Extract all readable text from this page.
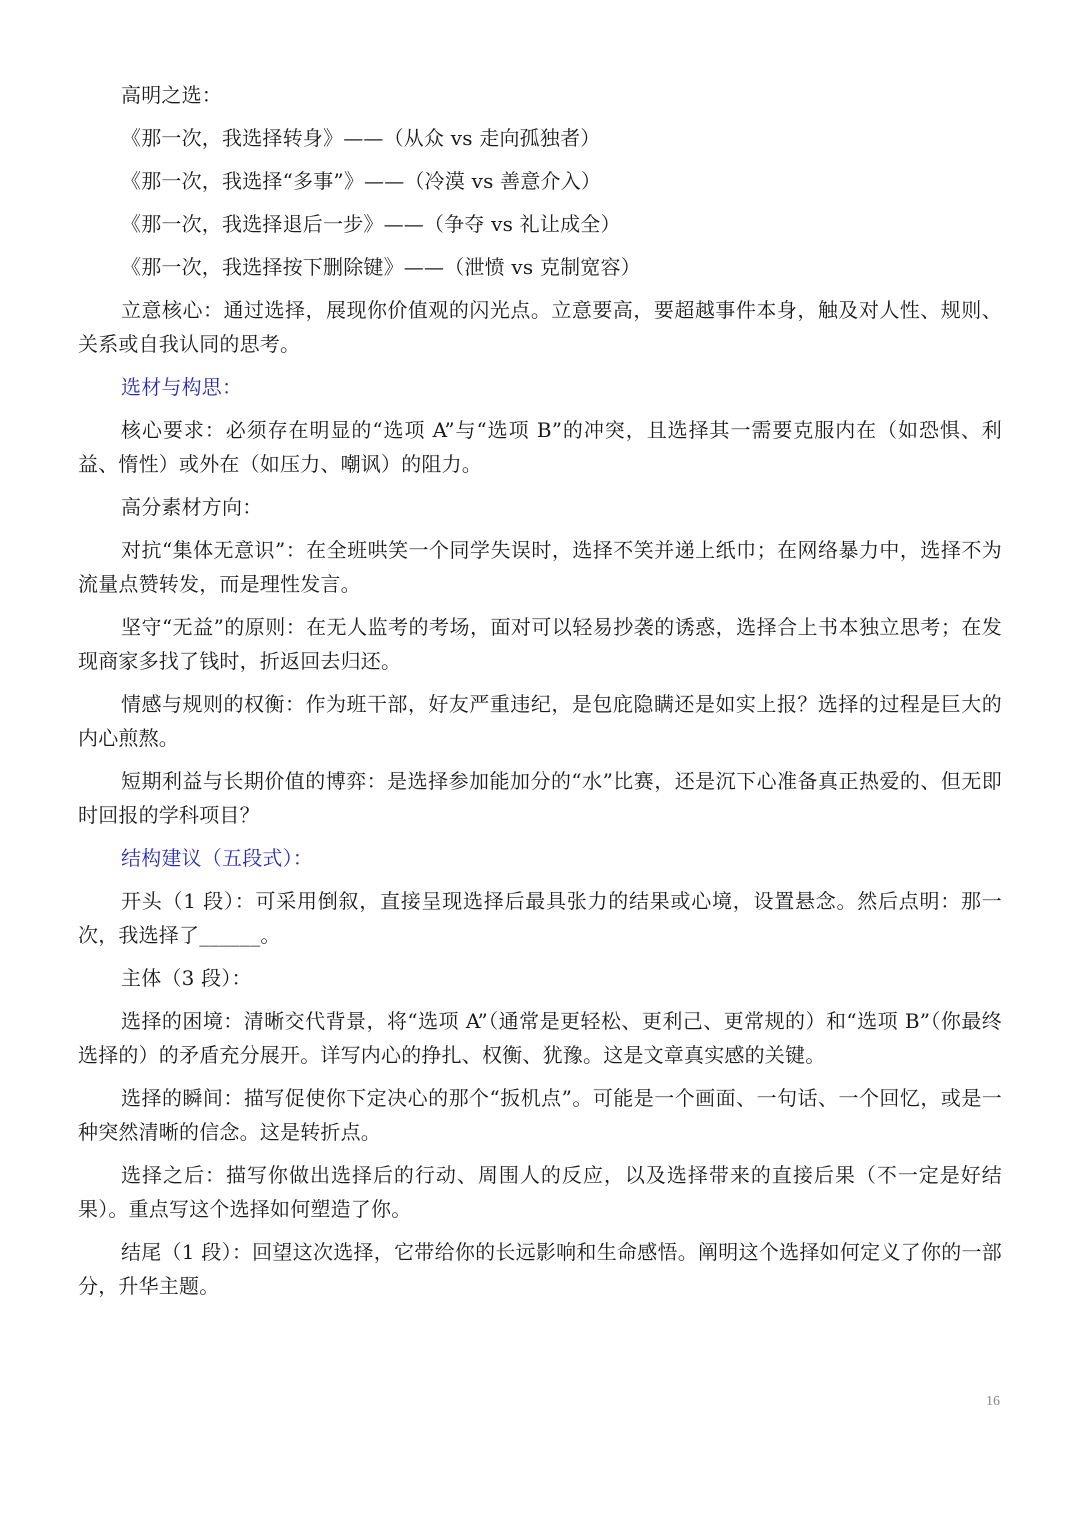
高明之选：

《那一次，我选择转身》——（从众 vs 走向孤独者）

《那一次，我选择“多事”》——（冷漠 vs 善意介入）

《那一次，我选择退后一步》——（争夺 vs 礼让成全）

《那一次，我选择按下删除键》——（泄愤 vs 克制宽容）

立意核心：通过选择，展现你价值观的闪光点。立意要高，要超越事件本身，触及对人性、规则、关系或自我认同的思考。

选材与构思：

核心要求：必须存在明显的“选项 A”与“选项 B”的冲突，且选择其一需要克服内在（如恐惧、利益、惰性）或外在（如压力、嘲讽）的阻力。

高分素材方向：

对抗“集体无意识”：在全班哄笑一个同学失误时，选择不笑并递上纸巾；在网络暴力中，选择不为流量点赞转发，而是理性发言。

坚守“无益”的原则：在无人监考的考场，面对可以轻易抄袭的诱惑，选择合上书本独立思考；在发现商家多找了钱时，折返回去归还。

情感与规则的权衡：作为班干部，好友严重违纪，是包庇隐瞒还是如实上报？选择的过程是巨大的内心煎熬。

短期利益与长期价值的博弈：是选择参加能加分的“水”比赛，还是沉下心准备真正热爱的、但无即时回报的学科项目？

结构建议（五段式）：

开头（1 段）：可采用倒叙，直接呈现选择后最具张力的结果或心境，设置悬念。然后点明：那一次，我选择了______。

主体（3 段）：

选择的困境：清晰交代背景，将“选项 A”（通常是更轻松、更利己、更常规的）和“选项 B”（你最终选择的）的矛盾充分展开。详写内心的挣扎、权衡、犹豫。这是文章真实感的关键。

选择的瞬间：描写促使你下定决心的那个“扳机点”。可能是一个画面、一句话、一个回忆，或是一种突然清晰的信念。这是转折点。

选择之后：描写你做出选择后的行动、周围人的反应，以及选择带来的直接后果（不一定是好结果）。重点写这个选择如何塑造了你。

结尾（1 段）：回望这次选择，它带给你的长远影响和生命感悟。阐明这个选择如何定义了你的一部分，升华主题。

16
